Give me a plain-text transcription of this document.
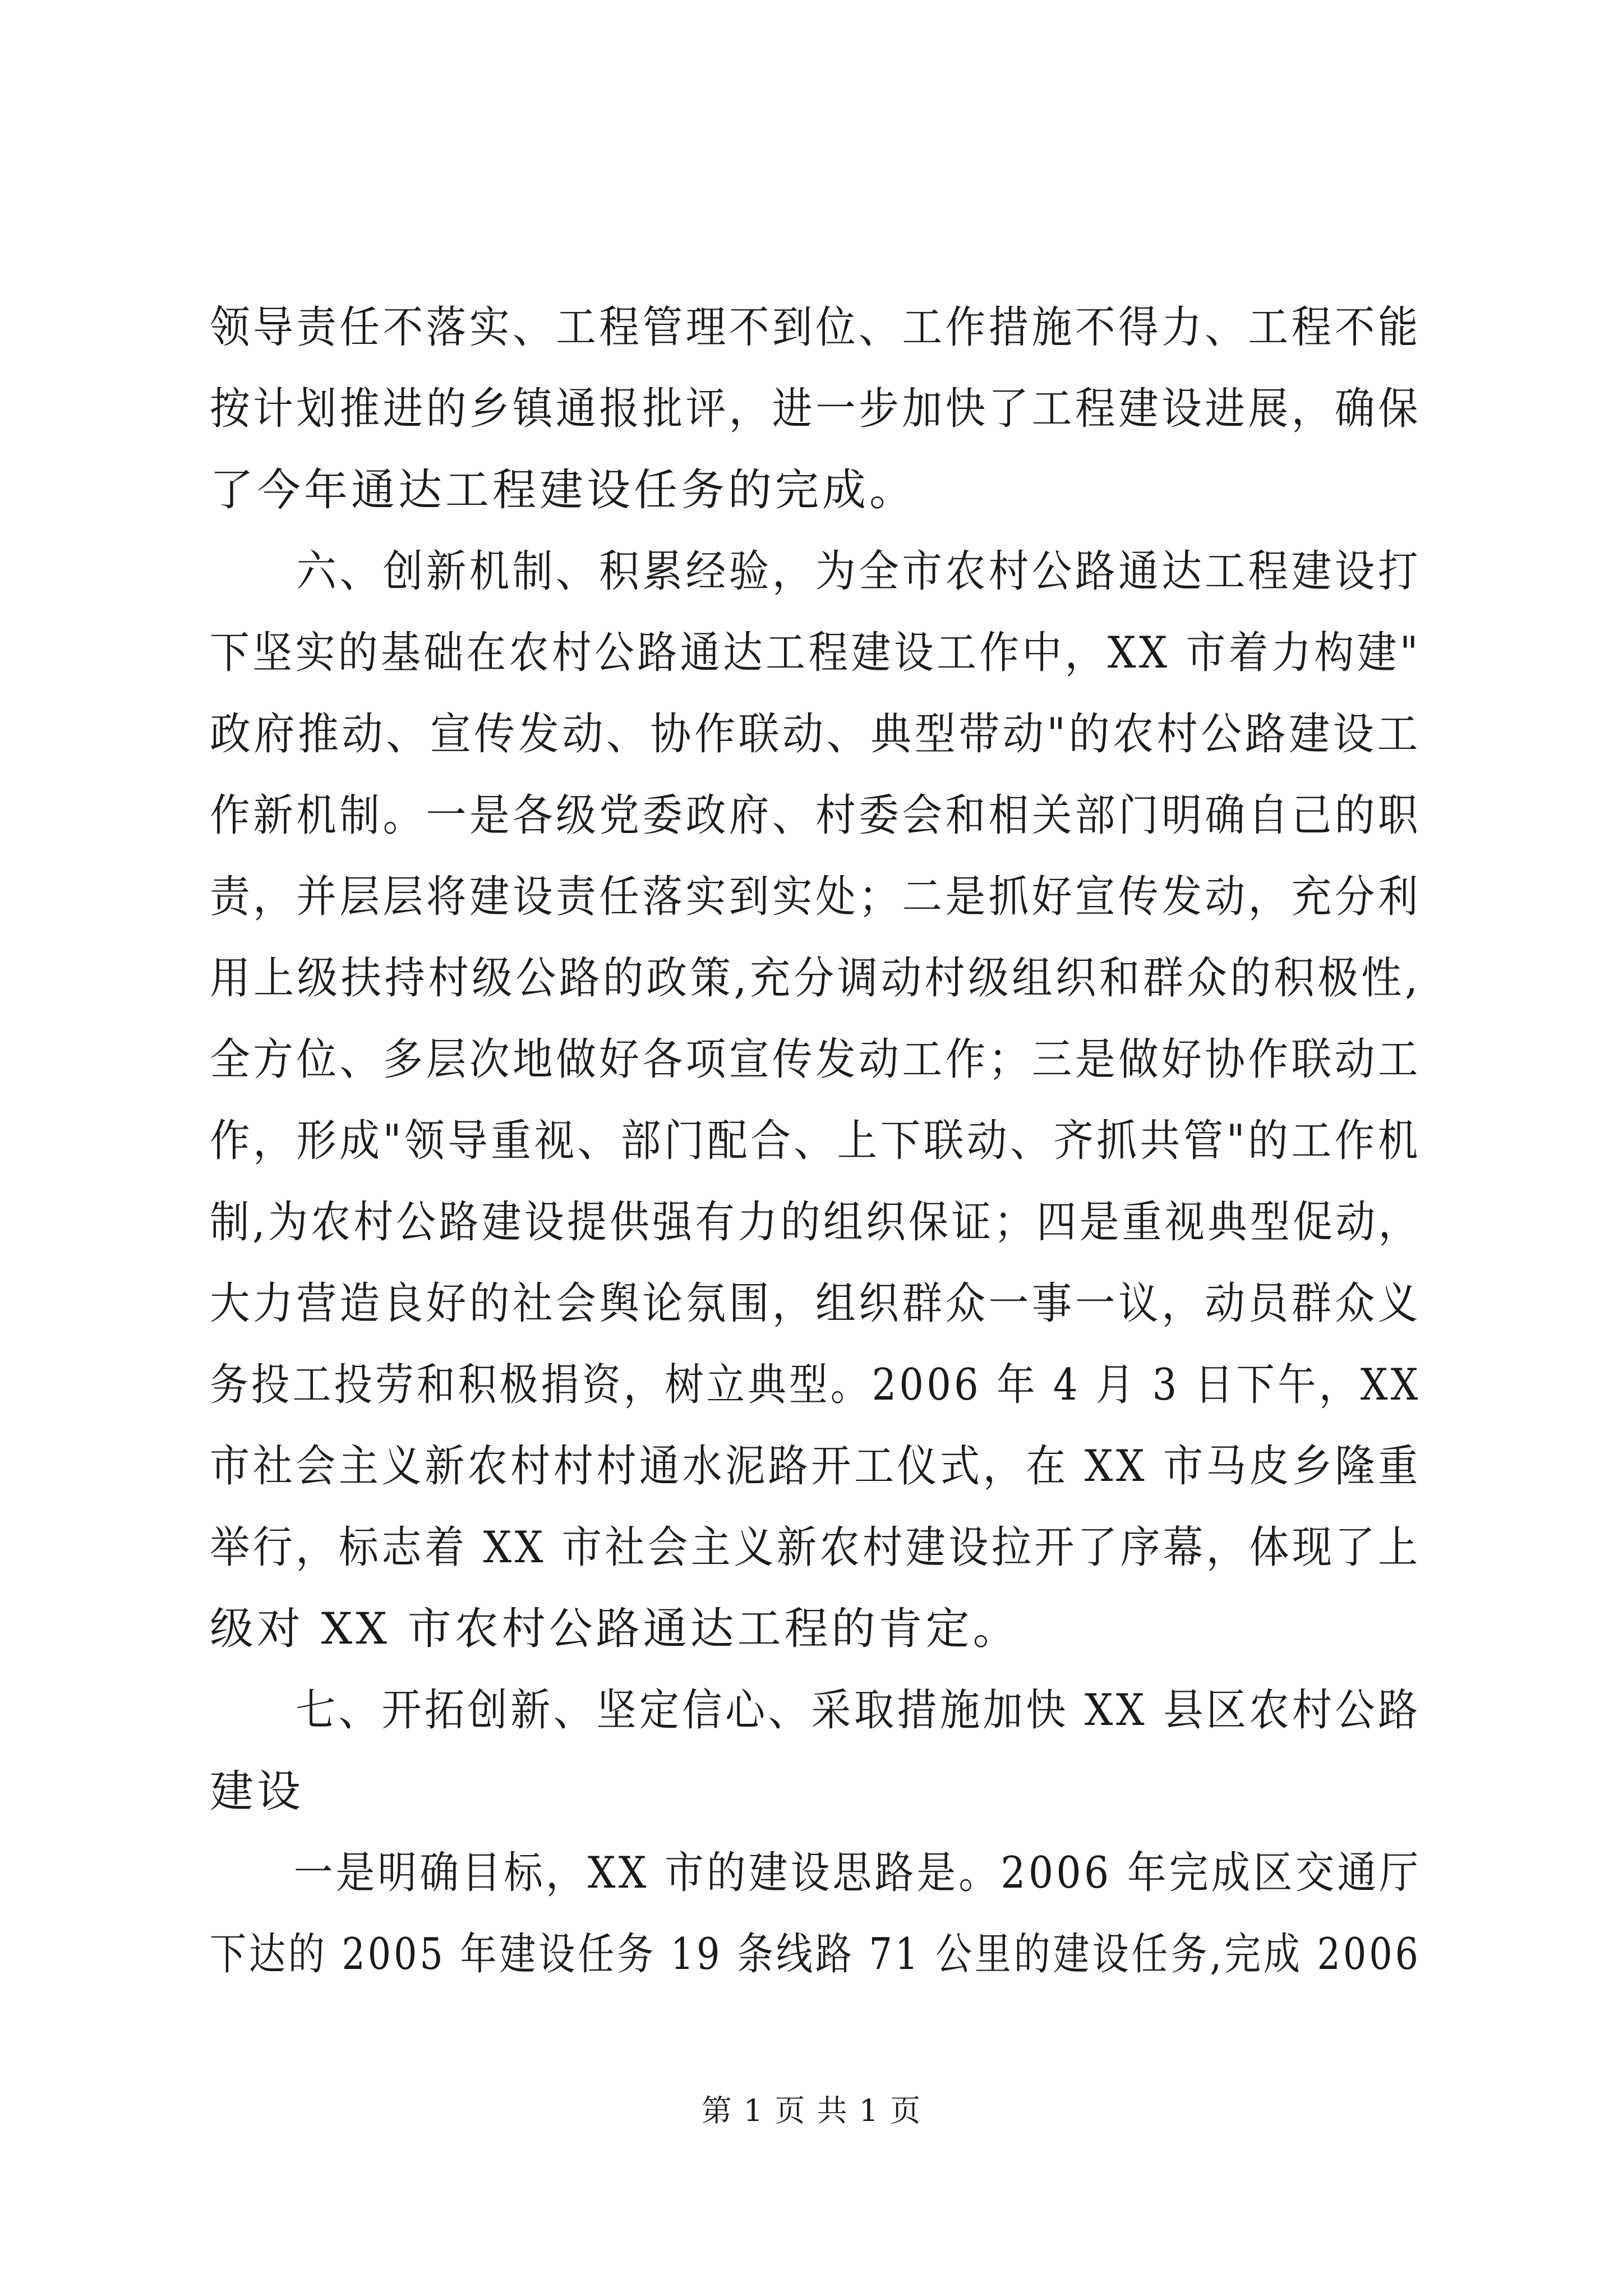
领导责任不落实、工程管理不到位、工作措施不得力、工程不能
按计划推进的乡镇通报批评，进一步加快了工程建设进展，确保
了今年通达工程建设任务的完成。
六、创新机制、积累经验，为全市农村公路通达工程建设打
下坚实的基础在农村公路通达工程建设工作中，XX 市着力构建"
政府推动、宣传发动、协作联动、典型带动"的农村公路建设工
作新机制。一是各级党委政府、村委会和相关部门明确自己的职
责，并层层将建设责任落实到实处；二是抓好宣传发动，充分利
用上级扶持村级公路的政策,充分调动村级组织和群众的积极性,
全方位、多层次地做好各项宣传发动工作；三是做好协作联动工
作，形成"领导重视、部门配合、上下联动、齐抓共管"的工作机
制,为农村公路建设提供强有力的组织保证；四是重视典型促动，
大力营造良好的社会舆论氛围，组织群众一事一议，动员群众义
务投工投劳和积极捐资，树立典型。2006 年 4 月 3 日下午，XX
市社会主义新农村村村通水泥路开工仪式，在 XX 市马皮乡隆重
举行，标志着 XX 市社会主义新农村建设拉开了序幕，体现了上
级对 XX 市农村公路通达工程的肯定。
七、开拓创新、坚定信心、采取措施加快 XX 县区农村公路
建设
一是明确目标，XX 市的建设思路是。2006 年完成区交通厅
下达的 2005 年建设任务 19 条线路 71 公里的建设任务,完成 2006
第 1 页 共 1 页
